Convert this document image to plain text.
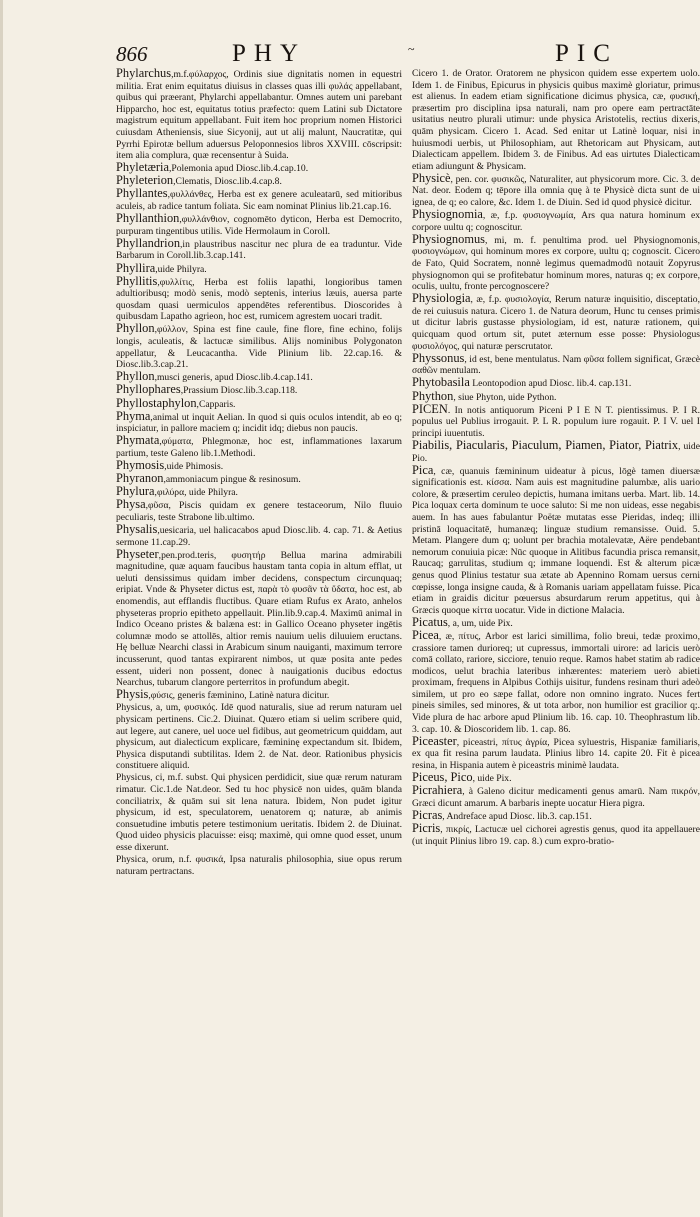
866	PHY	~	PIC

Phylarchus,m.f.φύλαρχος, Ordinis siue dignitatis nomen in equestri militia. Erat enim equitatus diuisus in classes quas illi φυλάς appellabant, quibus qui præerant, Phylarchi appellabantur. Omnes autem uni parebant Hipparcho, hoc est, equitatus totius præfecto: quem Latini sub Dictatore magistrum equitum appellabant. Fuit item hoc proprium nomen Historici cuiusdam Atheniensis, siue Sicyonij, aut ut alij malunt, Naucratitæ, qui Pyrrhi Epirotæ bellum aduersus Peloponnesios libros XXVIII. cōscripsit: item alia complura, quæ recensentur à Suida.

Phyletæria,Polemonia apud Diosc.lib.4.cap.10.

Phyleterion,Clematis, Diosc.lib.4.cap.8.

Phyllantes,φυλλάνθες, Herba est ex genere aculeatarū, sed mitioribus aculeis, ab radice tantum foliata. Sic eam nominat Plinius lib.21.cap.16.

Phyllanthion,φυλλάνθιον, cognomēto dyticon, Herba est Democrito, purpuram tingentibus utilis. Vide Hermolaum in Coroll.

Phyllandrion,in plaustribus nascitur nec plura de ea traduntur. Vide Barbarum in Coroll.lib.3.cap.141.

Phyllira,uide Philyra.

Phyllitis,φυλλίτις, Herba est foliis lapathi, longioribus tamen adultioribusq; modò senis, modò septenis, interius læuis, auersa parte quosdam quasi uermiculos appendētes referentibus. Dioscorides à quibusdam Lapatho agrieon, hoc est, rumicem agrestem uocari tradit.

Phyllon,φύλλον, Spina est fine caule, fine flore, fine echino, folijs longis, aculeatis, & lactucæ similibus. Alijs nominibus Polygonaton appellatur, & Leucacantha. Vide Plinium lib. 22.cap.16. & Diosc.lib.3.cap.21.

Phyllon,musci generis, apud Diosc.lib.4.cap.141.

Phyllophares,Prassium Diosc.lib.3.cap.118.

Phyllostaphylon,Capparis.

Phyma,animal ut inquit Aelian. In quod si quis oculos intendit, ab eo q; inspiciatur, in pallore maciem q; incidit idq; diebus non paucis.

Phymata,φύματα, Phlegmonæ, hoc est, inflammationes laxarum partium, teste Galeno lib.1.Methodi.

Phymosis,uide Phimosis.

Phyranon,ammoniacum pingue & resinosum.

Phylura,φιλύρα, uide Philyra.

Physa,φῦσα, Piscis quidam ex genere testaceorum, Nilo fluuio peculiaris, teste Strabone lib.ultimo.

Physalis,uesicaria, uel halicacabos apud Diosc.lib. 4. cap. 71. & Aetius sermone 11.cap.29.

Physeter,pen.prod.teris, φυσητήρ Bellua marina admirabili magnitudine, quæ aquam faucibus haustam tanta copia in altum efflat, ut ueluti densissimus quidam imber decidens, conspectum circunquaq; eripiat. Vnde & Physeter dictus est, παρὰ τὸ φυσᾶν τὰ ὕδατα, hoc est, ab enomendis, aut efflandis fluctibus. Quare etiam Rufus ex Arato, anhelos physeteras proprio epitheto appellauit. Plin.lib.9.cap.4. Maximū animal in Indico Oceano pristes & balæna est: in Gallico Oceano physeter ingētis columnæ modo se attollēs, altior remis nauium uelis diluuiem eructans. Hę belluæ Nearchi classi in Arabicum sinum nauiganti, maximum terrore incusserunt, quod tantas expirarent nimbos, ut quæ posita ante pedes essent, uideri non possent, donec à nauigationis ducibus edoctus Nearchus, tubarum clangore perterritos in profundum abegit.

Physis,φύσις, generis fæminino, Latinè natura dicitur.

Physicus, a, um, φυσικός. Idē quod naturalis, siue ad rerum naturam uel physicam pertinens. Cic.2. Diuinat. Quæro etiam si uelim scribere quid, aut legere, aut canere, uel uoce uel fidibus, aut geometricum quiddam, aut physicum, aut dialecticum explicare, fæmininę expectandum sit. Ibidem, Physica disputandi subtilitas. Idem 2. de Nat. deor. Rationibus physicis constituere aliquid.

Physicus, ci, m.f. subst. Qui physicen perdidicit, siue quæ rerum naturam rimatur. Cic.1.de Nat.deor. Sed tu hoc physicē non uides, quām blanda conciliatrix, & quām sui sit lena natura. Ibidem, Non pudet igitur physicum, id est, speculatorem, uenatorem q; naturæ, ab animis consuetudine imbutis petere testimonium ueritatis. Ibidem 2. de Diuinat. Quod uideo physicis placuisse: eisq; maximè, qui omne quod esset, unum esse dixerunt.

Physica, orum, n.f. φυσικά, Ipsa naturalis philosophia, siue opus rerum naturam pertractans.

Cicero 1. de Orator. Oratorem ne physicon quidem esse expertem uolo. Idem 1. de Finibus, Epicurus in physicis quibus maximè gloriatur, primus est alienus. In eadem etiam significatione dicimus physica, cæ, φυσική, præsertim pro disciplina ipsa naturali, nam pro opere eam pertractāte usitatius neutro plurali utimur: unde physica Aristotelis, rectius dixeris, quām physicam. Cicero 1. Acad. Sed enitar ut Latinè loquar, nisi in huiusmodi uerbis, ut Philosophiam, aut Rhetoricam aut Physicam, aut Dialecticam appellem. Ibidem 3. de Finibus. Ad eas uirtutes Dialecticam etiam adiungunt & Physicam.

Physicè, pen. cor. φυσικῶς, Naturaliter, aut physicorum more. Cic. 3. de Nat. deor. Eodem q; tēpore illa omnia quę à te Physicè dicta sunt de ui ignea, de q; eo calore, &c. Idem 1. de Diuin. Sed id quod physicè dicitur.

Physiognomia, æ, f.p. φυσιογνωμία, Ars qua natura hominum ex corpore uultu q; cognoscitur.

Physiognomus, mi, m. f. penultima prod. uel Physiognomonis, φυσιογνώμων, qui hominum mores ex corpore, uultu q; cognoscit. Cicero de Fato, Quid Socratem, nonnè legimus quemadmodū notauit Zopyrus physiognomon qui se profitebatur hominum mores, naturas q; ex corpore, oculis, uultu, fronte percognoscere?

Physiologia, æ, f.p. φυσιολογία, Rerum naturæ inquisitio, disceptatio, de rei cuiusuis natura. Cicero 1. de Natura deorum, Hunc tu censes primis ut dicitur labris gustasse physiologiam, id est, naturæ rationem, qui quicquam quod ortum sit, putet æternum esse posse: Physiologus φυσιολόγος, qui naturæ perscrutator.

Physsonus, id est, bene mentulatus. Nam φῦσα follem significat, Græcè σαθῶν mentulam.

Phytobasila Leontopodion apud Diosc. lib.4. cap.131.

Phython, siue Phyton, uide Python.

PICEN. In notis antiquorum Piceni P I E N T. pientissimus. P. I R. populus uel Publius irrogauit. P. L R. populum iure rogauit. P. I V. uel I principi iuuentutis.

Piabilis, Piacularis, Piaculum, Piamen, Piator, Piatrix, uide Pio.

Pica, cæ, quanuis fæmininum uideatur à picus, lōgè tamen diuersæ significationis est. κίσσα. Nam auis est magnitudine palumbæ, alis uario colore, & præsertim ceruleo depictis, humana imitans uerba. Mart. lib. 14. Pica loquax certa dominum te uoce saluto: Si me non uideas, esse negabis auem. In has aues fabulantur Poëtæ mutatas esse Pieridas, indeq; illi pristinā loquacitatē, humanæq; linguæ studium remansisse. Ouid. 5. Metam. Plangere dum q; uolunt per brachia motalevatæ, Aëre pendebant nemorum conuiuia picæ: Nūc quoque in Alitibus facundia prisca remansit, Raucaq; garrulitas, studium q; immane loquendi. Est & alterum picæ genus quod Plinius testatur sua ætate ab Apennino Romam uersus cerni cœpisse, longa insigne cauda, & à Romanis uariam appellatam fuisse. Pica etiam in graidis dicitur pœuersus absurdarum rerum appetitus, qui à Græcis quoque κίττα uocatur. Vide in dictione Malacia.

Picatus, a, um, uide Pix.

Picea, æ, πίτυς, Arbor est larici simillima, folio breui, tedæ proximo, crassiore tamen durioreq; ut cupressus, immortali uirore: ad laricis uerò comā collato, rariore, sicciore, tenuio reque. Ramos habet statim ab radice modicos, uelut brachia lateribus inhærentes: materiem uerò abieti proximam, frequens in Alpibus Cothijs uisitur, fundens resinam thuri adeò similem, ut pro eo sæpe fallat, odore non omnino ingrato. Nuces fert pineis similes, sed minores, & ut tota arbor, non humilior est gracilior q;. Vide plura de hac arbore apud Plinium lib. 16. cap. 10. Theophrastum lib. 3. cap. 10. & Dioscoridem lib. 1. cap. 86.

Piceaster, piceastri, πίτυς ἀγρία, Picea syluestris, Hispaniæ familiaris, ex qua fit resina parum laudata. Plinius libro 14. capite 20. Fit è picea resina, in Hispania autem è piceastris minimè laudata.

Piceus, Pico, uide Pix.

Picrahiera, à Galeno dicitur medicamenti genus amarū. Nam πικρόν, Græci dicunt amarum. A barbaris inepte uocatur Hiera pigra.

Picras, Andreface apud Diosc. lib.3. cap.151.

Picris, πικρίς, Lactucæ uel cichorei agrestis genus, quod ita appellauere (ut inquit Plinius libro 19. cap. 8.) cum expro-bratio-
